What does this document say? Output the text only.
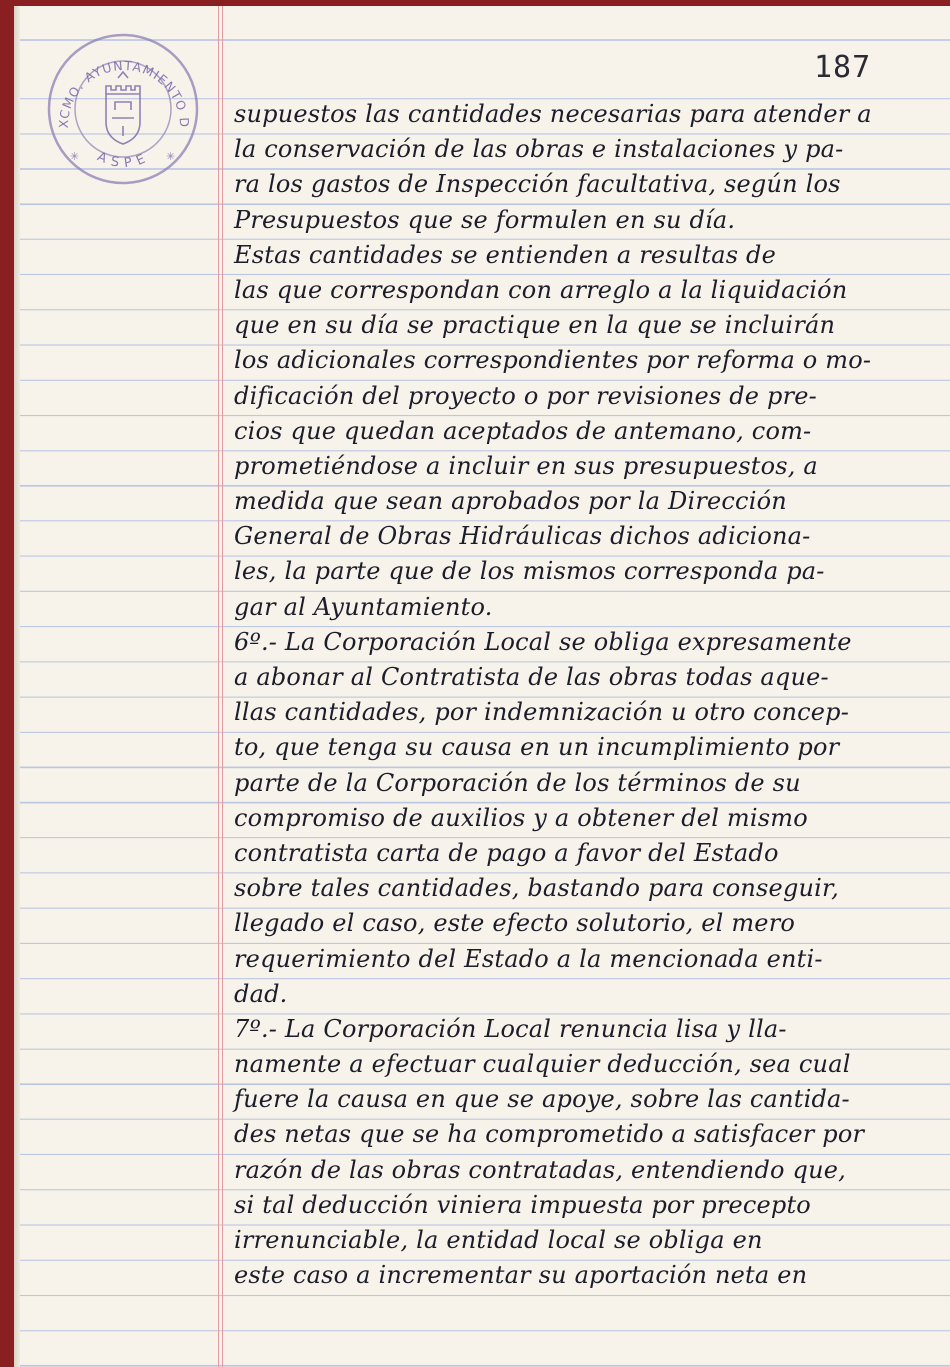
XCMO. AYUNTAMIENTO D
ASPE
✳	✳
187
supuestos las cantidades necesarias para atender a
la conservación de las obras e instalaciones y pa-
ra los gastos de Inspección facultativa, según los
Presupuestos que se formulen en su día.
Estas cantidades se entienden a resultas de
las que correspondan con arreglo a la liquidación
que en su día se practique en la que se incluirán
los adicionales correspondientes por reforma o mo-
dificación del proyecto o por revisiones de pre-
cios que quedan aceptados de antemano, com-
prometiéndose a incluir en sus presupuestos, a
medida que sean aprobados por la Dirección
General de Obras Hidráulicas dichos adiciona-
les, la parte que de los mismos corresponda pa-
gar al Ayuntamiento.
6º.- La Corporación Local se obliga expresamente
a abonar al Contratista de las obras todas aque-
llas cantidades, por indemnización u otro concep-
to, que tenga su causa en un incumplimiento por
parte de la Corporación de los términos de su
compromiso de auxilios y a obtener del mismo
contratista carta de pago a favor del Estado
sobre tales cantidades, bastando para conseguir,
llegado el caso, este efecto solutorio, el mero
requerimiento del Estado a la mencionada enti-
dad.
7º.- La Corporación Local renuncia lisa y lla-
namente a efectuar cualquier deducción, sea cual
fuere la causa en que se apoye, sobre las cantida-
des netas que se ha comprometido a satisfacer por
razón de las obras contratadas, entendiendo que,
si tal deducción viniera impuesta por precepto
irrenunciable, la entidad local se obliga en
este caso a incrementar su aportación neta en
